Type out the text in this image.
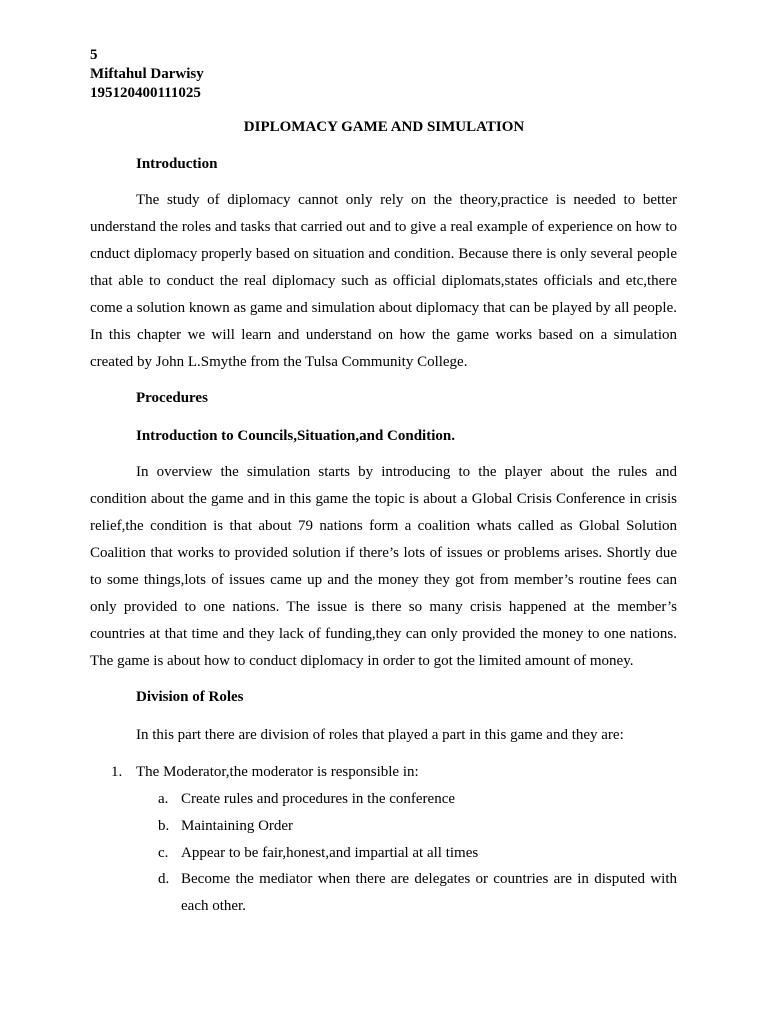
5
Miftahul Darwisy
195120400111025
DIPLOMACY GAME AND SIMULATION
Introduction
The study of diplomacy cannot only rely on the theory,practice is needed to better understand the roles and tasks that carried out and to give a real example of experience on how to cnduct diplomacy properly based on situation and condition. Because there is only several people that able to conduct the real diplomacy such as official diplomats,states officials and etc,there come a solution known as game and simulation about diplomacy that can be played by all people. In this chapter we will learn and understand on how the game works based on a simulation created by John L.Smythe from the Tulsa Community College.
Procedures
Introduction to Councils,Situation,and Condition.
In overview the simulation starts by introducing to the player about the rules and condition about the game and in this game the topic is about a Global Crisis Conference in crisis relief,the condition is that about 79 nations form a coalition whats called as Global Solution Coalition that works to provided solution if there’s lots of issues or problems arises. Shortly due to some things,lots of issues came up and the money they got from member’s routine fees can only provided to one nations. The issue is there so many crisis happened at the member’s countries at that time and they lack of funding,they can only provided the money to one nations. The game is about how to conduct diplomacy in order to got the limited amount of money.
Division of Roles
In this part there are division of roles that played a part in this game and they are:
1. The Moderator,the moderator is responsible in:
a. Create rules and procedures in the conference
b. Maintaining Order
c. Appear to be fair,honest,and impartial at all times
d. Become the mediator when there are delegates or countries are in disputed with each other.
